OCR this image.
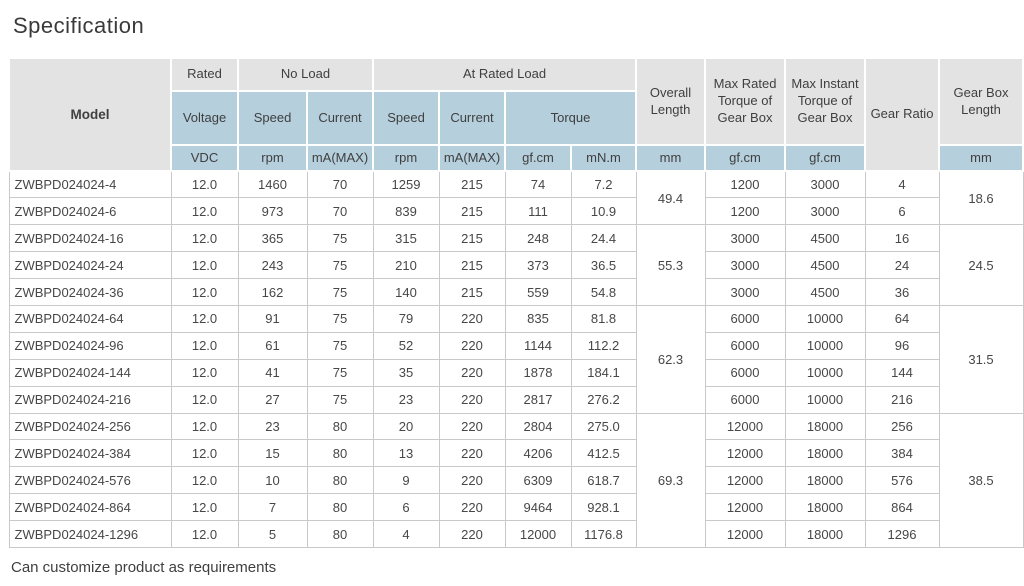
Specification
Model	Rated	No Load		At Rated Load				Overall Length	Max Rated Torque of Gear Box	Max Instant Torque of Gear Box	Gear Ratio	Gear Box Length
	Voltage	Speed	Current	Speed	Current	Torque						
	VDC	rpm	mA(MAX)	rpm	mA(MAX)	gf.cm	mN.m	mm	gf.cm	gf.cm		mm
ZWBPD024024-4	12.0	1460	70	1259	215	74	7.2	49.4	1200	3000	4	18.6
ZWBPD024024-6	12.0	973	70	839	215	111	10.9		1200	3000	6	
ZWBPD024024-16	12.0	365	75	315	215	248	24.4	55.3	3000	4500	16	24.5
ZWBPD024024-24	12.0	243	75	210	215	373	36.5		3000	4500	24	
ZWBPD024024-36	12.0	162	75	140	215	559	54.8		3000	4500	36	
ZWBPD024024-64	12.0	91	75	79	220	835	81.8	62.3	6000	10000	64	31.5
ZWBPD024024-96	12.0	61	75	52	220	1144	112.2		6000	10000	96	
ZWBPD024024-144	12.0	41	75	35	220	1878	184.1		6000	10000	144	
ZWBPD024024-216	12.0	27	75	23	220	2817	276.2		6000	10000	216	
ZWBPD024024-256	12.0	23	80	20	220	2804	275.0	69.3	12000	18000	256	38.5
ZWBPD024024-384	12.0	15	80	13	220	4206	412.5		12000	18000	384	
ZWBPD024024-576	12.0	10	80	9	220	6309	618.7		12000	18000	576	
ZWBPD024024-864	12.0	7	80	6	220	9464	928.1		12000	18000	864	
ZWBPD024024-1296	12.0	5	80	4	220	12000	1176.8		12000	18000	1296	
Can customize product as requirements
